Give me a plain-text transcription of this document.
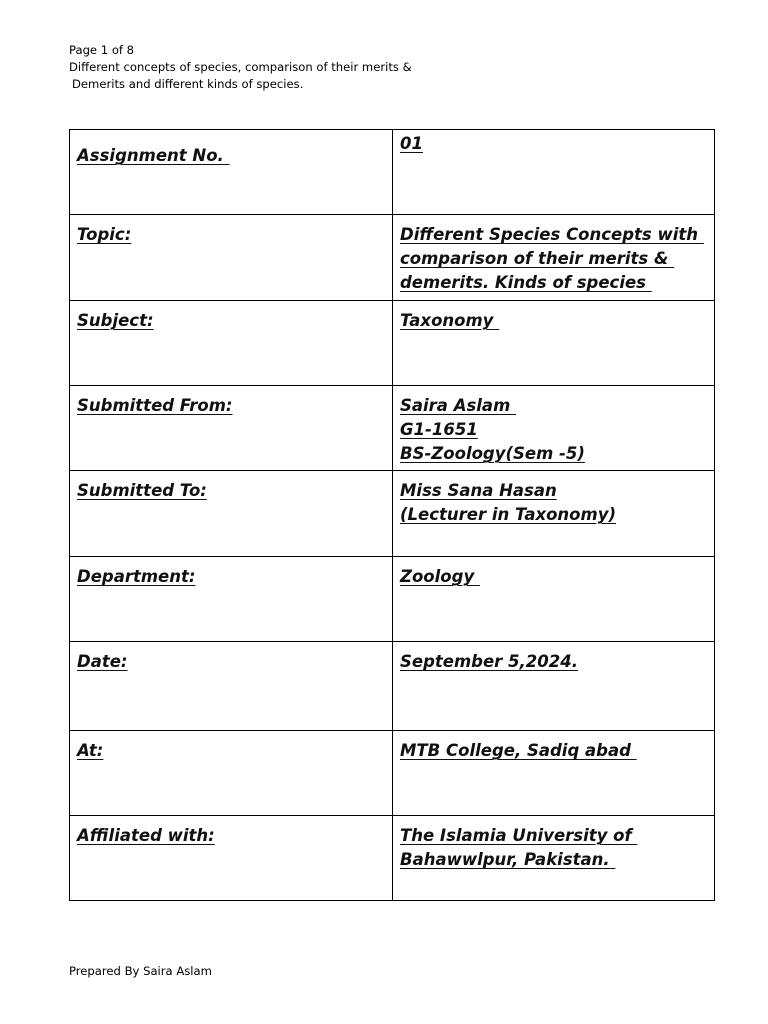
Page 1 of 8
Different concepts of species, comparison of their merits &
Demerits and different kinds of species.
Assignment No.	01

Topic:	Different Species Concepts with
comparison of their merits &
demerits. Kinds of species

Subject:	Taxonomy

Submitted From:	Saira Aslam
G1-1651
BS-Zoology(Sem -5)

Submitted To:	Miss Sana Hasan
(Lecturer in Taxonomy)

Department:	Zoology

Date:	September 5,2024.

At:	MTB College, Sadiq abad

Affiliated with:	The Islamia University of
Bahawwlpur, Pakistan.
Prepared By Saira Aslam
